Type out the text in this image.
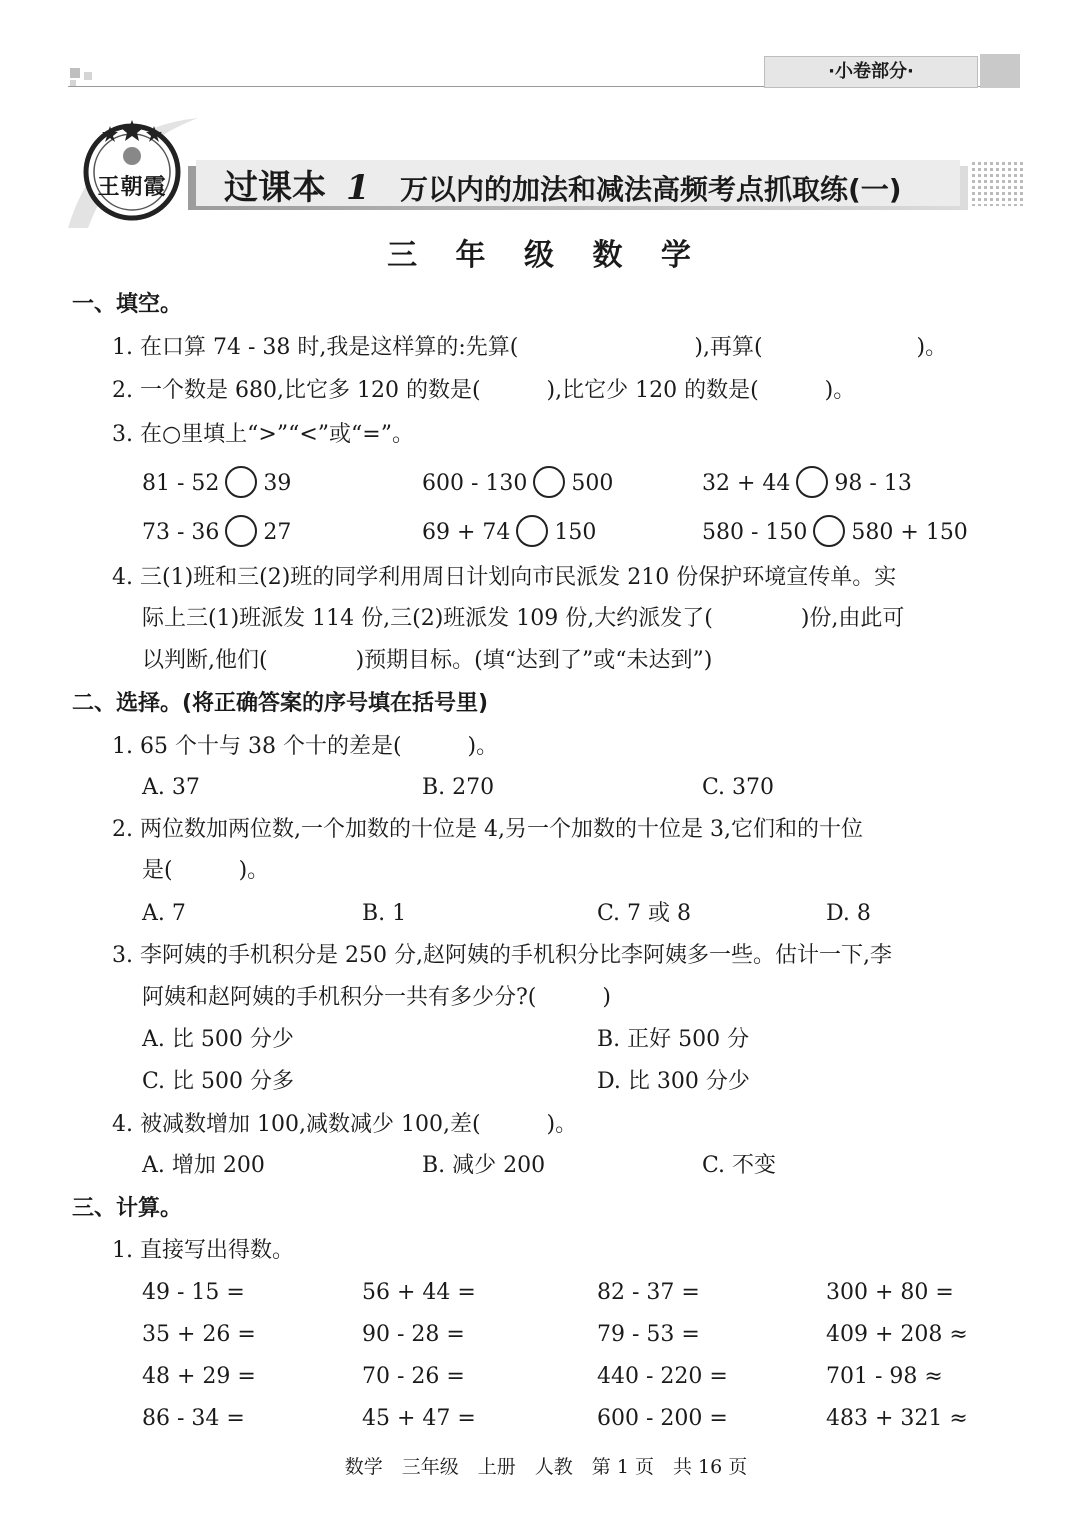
·小卷部分·
王朝霞	过课本 1 万以内的加法和减法高频考点抓取练(一)
三 年 级 数 学
一、填空。
1. 在口算 74 - 38 时,我是这样算的:先算(　　　　　　　　),再算(　　　　　　　)。
2. 一个数是 680,比它多 120 的数是(　　　),比它少 120 的数是(　　　)。
3. 在○里填上“>”“<”或“=”。
81 - 52 39	600 - 130 500	32 + 44 98 - 13
73 - 36 27	69 + 74 150	580 - 150 580 + 150
4. 三(1)班和三(2)班的同学利用周日计划向市民派发 210 份保护环境宣传单。实
际上三(1)班派发 114 份,三(2)班派发 109 份,大约派发了(　　　　)份,由此可
以判断,他们(　　　　)预期目标。(填“达到了”或“未达到”)
二、选择。(将正确答案的序号填在括号里)
1. 65 个十与 38 个十的差是(　　　)。
A. 37	B. 270	C. 370
2. 两位数加两位数,一个加数的十位是 4,另一个加数的十位是 3,它们和的十位
是(　　　)。
A. 7	B. 1	C. 7 或 8	D. 8
3. 李阿姨的手机积分是 250 分,赵阿姨的手机积分比李阿姨多一些。估计一下,李
阿姨和赵阿姨的手机积分一共有多少分?(　　　)
A. 比 500 分少	B. 正好 500 分
C. 比 500 分多	D. 比 300 分少
4. 被减数增加 100,减数减少 100,差(　　　)。
A. 增加 200	B. 减少 200	C. 不变
三、计算。
1. 直接写出得数。
49 - 15 =	56 + 44 =	82 - 37 =	300 + 80 =
35 + 26 =	90 - 28 =	79 - 53 =	409 + 208 ≈
48 + 29 =	70 - 26 =	440 - 220 =	701 - 98 ≈
86 - 34 =	45 + 47 =	600 - 200 =	483 + 321 ≈
数学　三年级　上册　人教　第 1 页　共 16 页
